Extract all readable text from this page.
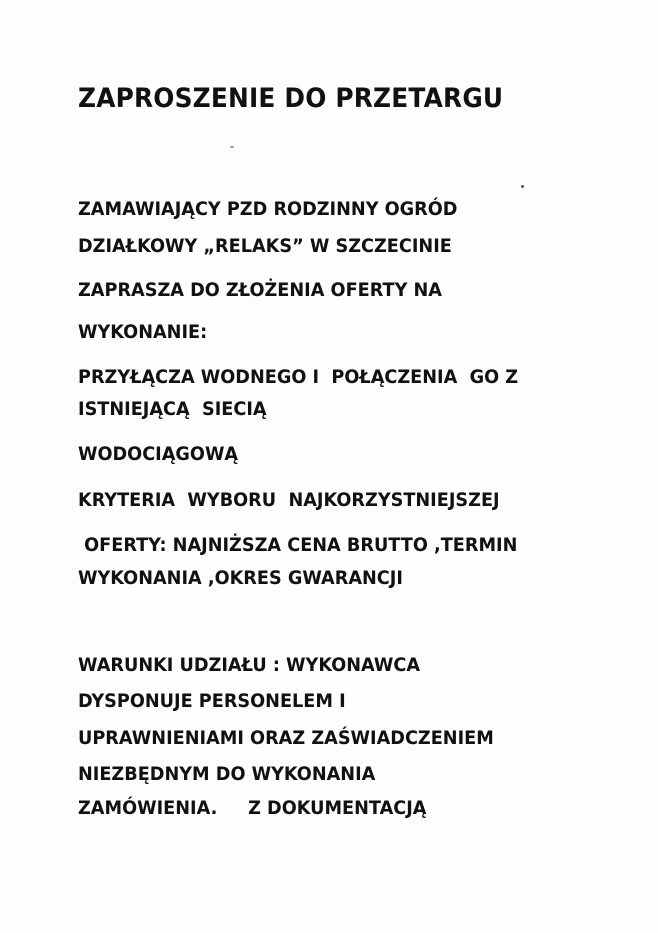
ZAPROSZENIE DO PRZETARGU
ZAMAWIAJĄCY PZD RODZINNY OGRÓD
DZIAŁKOWY „RELAKS” W SZCZECINIE
ZAPRASZA DO ZŁOŻENIA OFERTY NA
WYKONANIE:
PRZYŁĄCZA WODNEGO I  POŁĄCZENIA  GO Z
ISTNIEJĄCĄ  SIECIĄ
WODOCIĄGOWĄ
KRYTERIA  WYBORU  NAJKORZYSTNIEJSZEJ
OFERTY: NAJNIŻSZA CENA BRUTTO ,TERMIN
WYKONANIA ,OKRES GWARANCJI
WARUNKI UDZIAŁU : WYKONAWCA
DYSPONUJE PERSONELEM I
UPRAWNIENIAMI ORAZ ZAŚWIADCZENIEM
NIEZBĘDNYM DO WYKONANIA
ZAMÓWIENIA.     Z DOKUMENTACJĄ
